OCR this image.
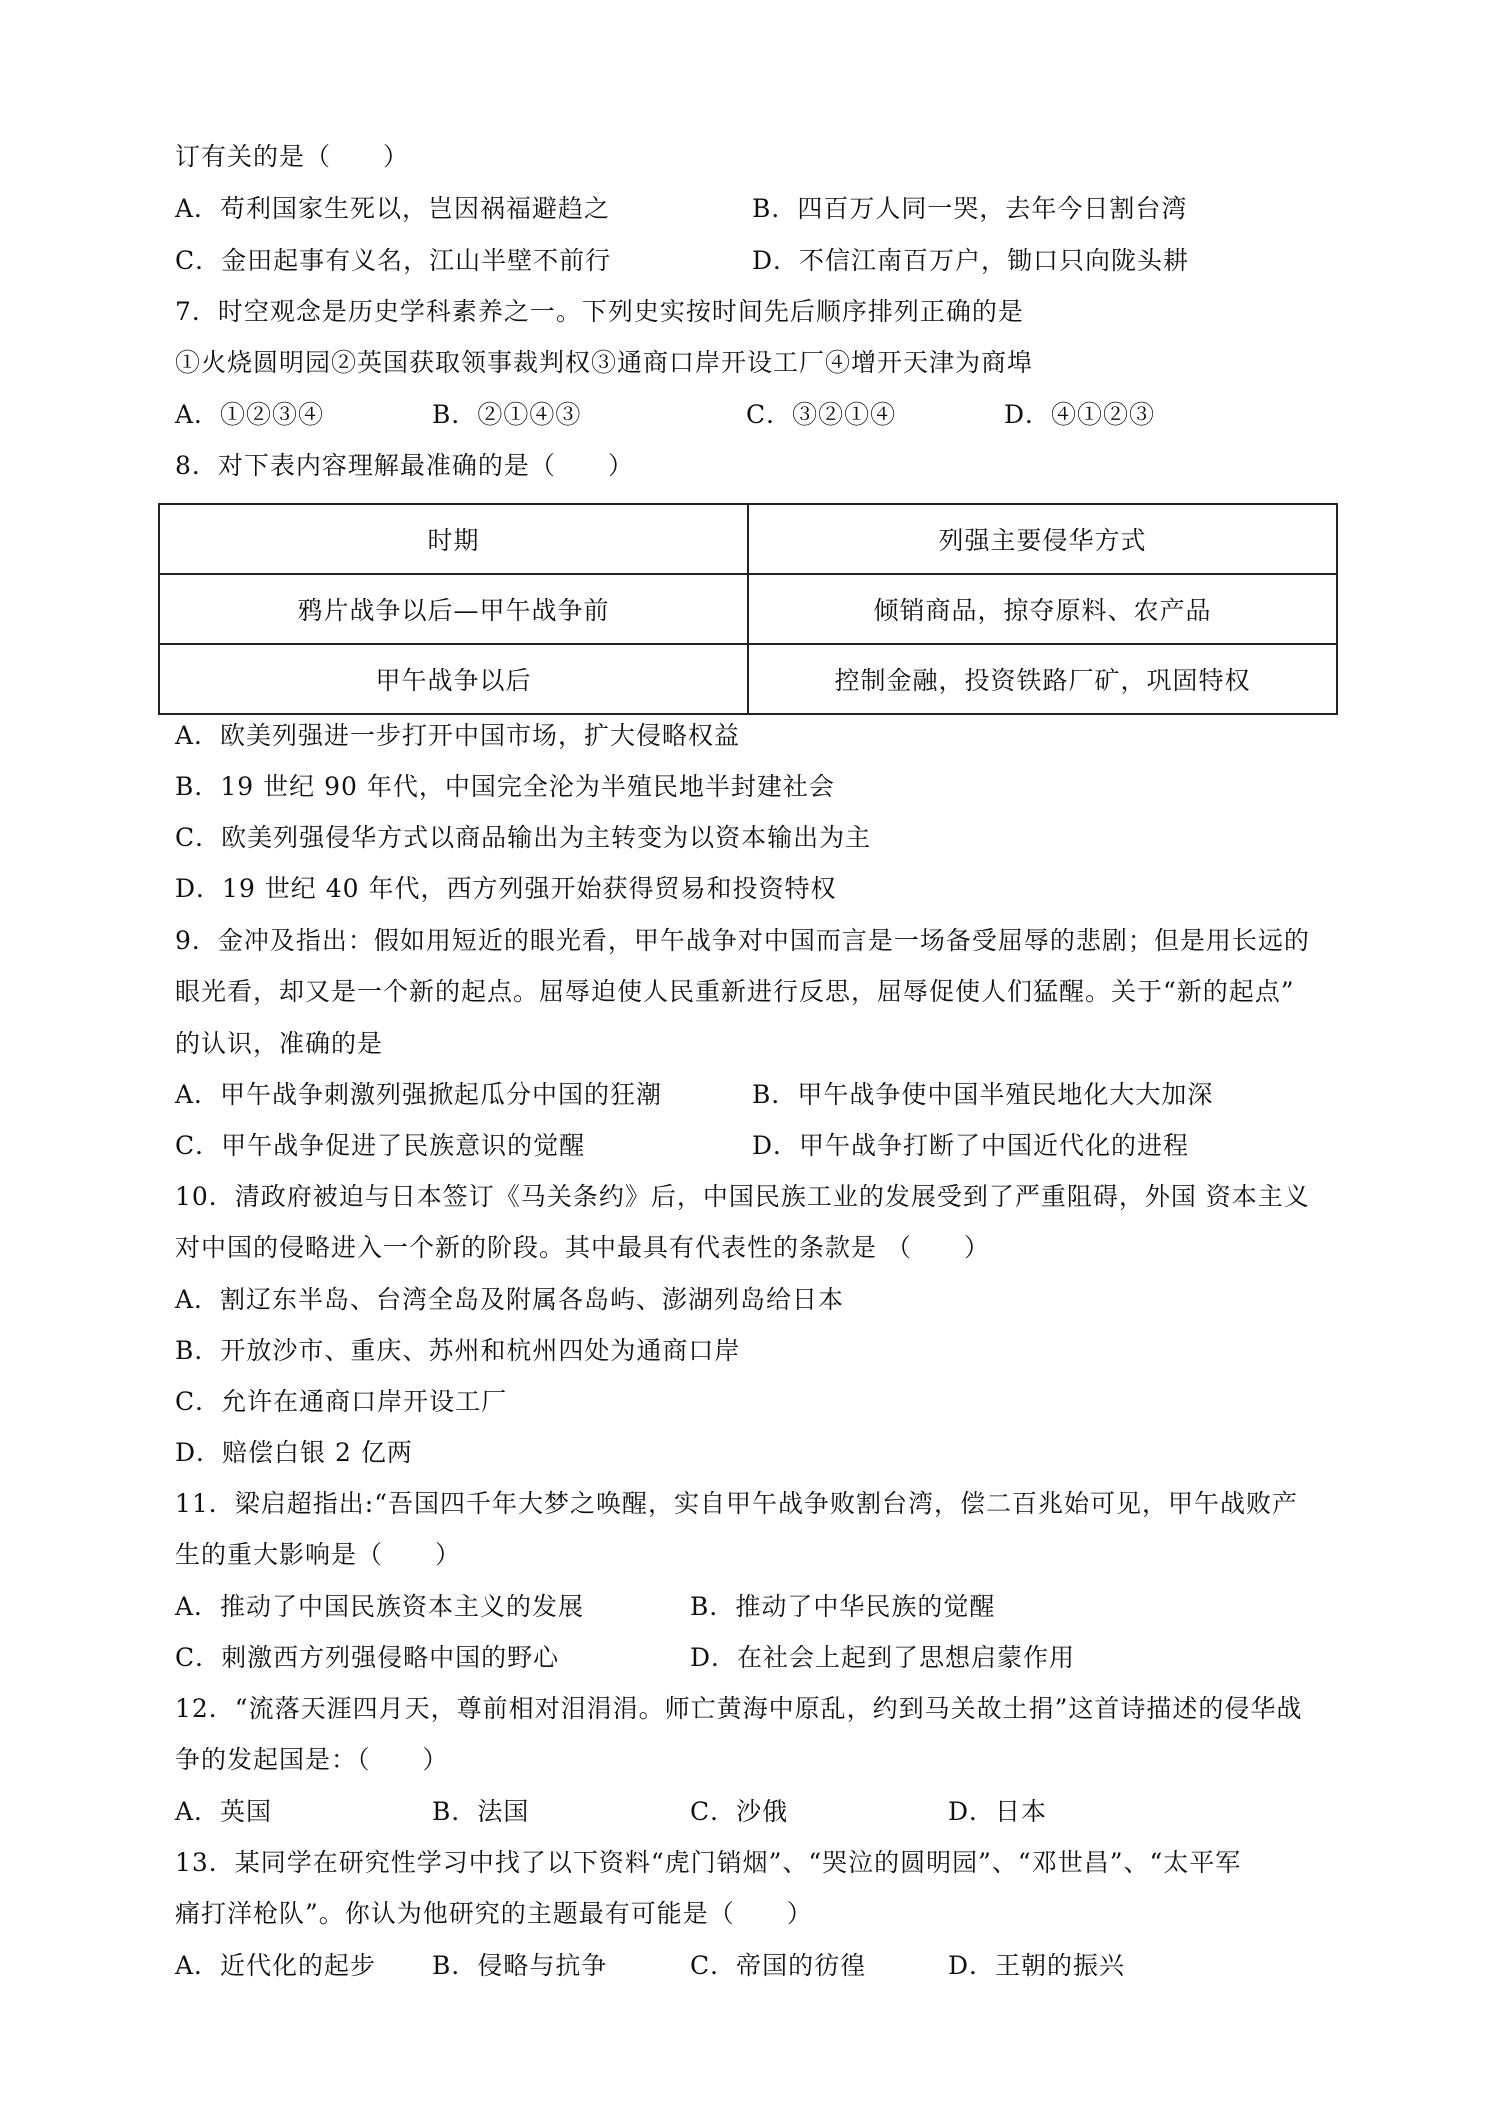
订有关的是（　　）
A．苟利国家生死以，岂因祸福避趋之	B．四百万人同一哭，去年今日割台湾
C．金田起事有义名，江山半壁不前行	D．不信江南百万户，锄口只向陇头耕
7．时空观念是历史学科素养之一。下列史实按时间先后顺序排列正确的是
①火烧圆明园②英国获取领事裁判权③通商口岸开设工厂④增开天津为商埠
A．①②③④	B．②①④③	C．③②①④	D．④①②③
8．对下表内容理解最准确的是（　　）
时期	列强主要侵华方式
鸦片战争以后—甲午战争前	倾销商品，掠夺原料、农产品
甲午战争以后	控制金融，投资铁路厂矿，巩固特权
A．欧美列强进一步打开中国市场，扩大侵略权益
B．19 世纪 90 年代，中国完全沦为半殖民地半封建社会
C．欧美列强侵华方式以商品输出为主转变为以资本输出为主
D．19 世纪 40 年代，西方列强开始获得贸易和投资特权
9．金冲及指出：假如用短近的眼光看，甲午战争对中国而言是一场备受屈辱的悲剧；但是用长远的
眼光看，却又是一个新的起点。屈辱迫使人民重新进行反思，屈辱促使人们猛醒。关于“新的起点”
的认识，准确的是
A．甲午战争刺激列强掀起瓜分中国的狂潮	B．甲午战争使中国半殖民地化大大加深
C．甲午战争促进了民族意识的觉醒	D．甲午战争打断了中国近代化的进程
10．清政府被迫与日本签订《马关条约》后，中国民族工业的发展受到了严重阻碍，外国 资本主义
对中国的侵略进入一个新的阶段。其中最具有代表性的条款是 （　　）
A．割辽东半岛、台湾全岛及附属各岛屿、澎湖列岛给日本
B．开放沙市、重庆、苏州和杭州四处为通商口岸
C．允许在通商口岸开设工厂
D．赔偿白银 2 亿两
11．梁启超指出:“吾国四千年大梦之唤醒，实自甲午战争败割台湾，偿二百兆始可见，甲午战败产
生的重大影响是（　　）
A．推动了中国民族资本主义的发展	B．推动了中华民族的觉醒
C．刺激西方列强侵略中国的野心	D．在社会上起到了思想启蒙作用
12．“流落天涯四月天，尊前相对泪涓涓。师亡黄海中原乱，约到马关故土捐”这首诗描述的侵华战
争的发起国是：（　　）
A．英国	B．法国	C．沙俄	D．日本
13．某同学在研究性学习中找了以下资料“虎门销烟”、“哭泣的圆明园”、“邓世昌”、“太平军
痛打洋枪队”。你认为他研究的主题最有可能是（　　）
A．近代化的起步 B．侵略与抗争	C．帝国的彷徨	D．王朝的振兴
